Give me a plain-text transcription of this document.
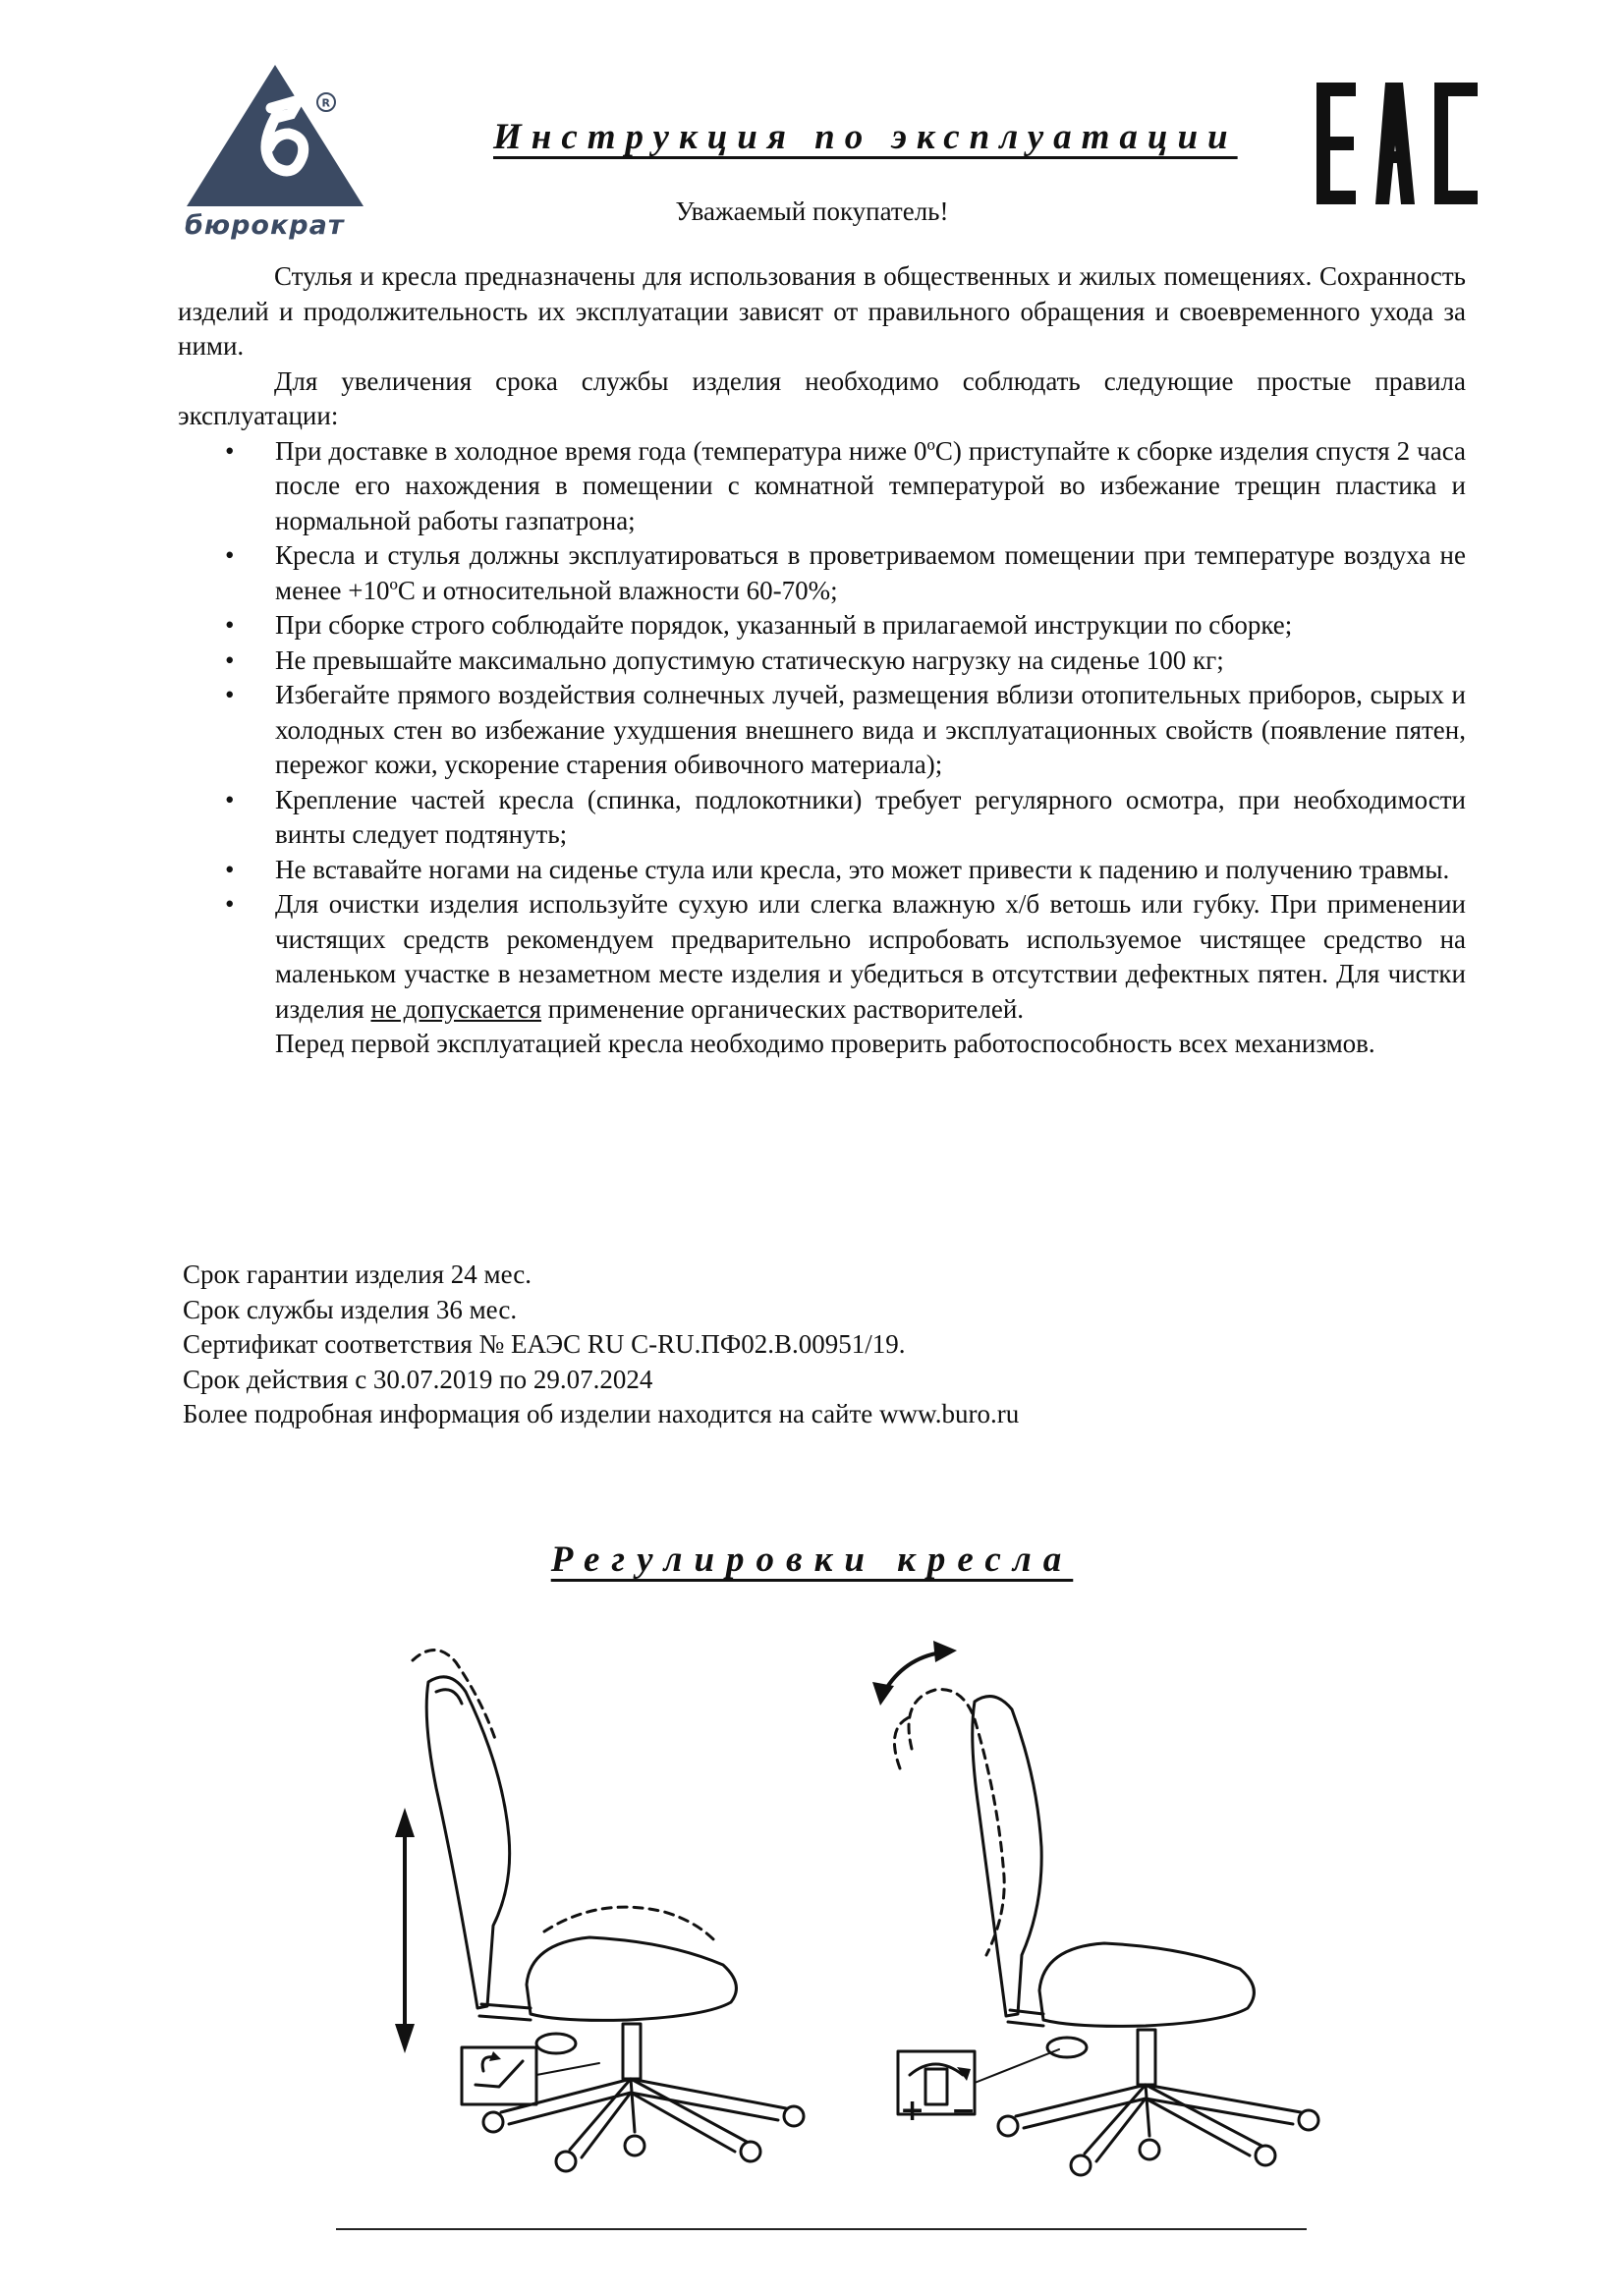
R
бюрократ
Инструкция по эксплуатации
Уважаемый покупатель!

Стулья и кресла предназначены для использования в общественных и жилых помещениях. Сохранность изделий и продолжительность их эксплуатации зависят от правильного обращения и своевременного ухода за ними.

Для увеличения срока службы изделия необходимо соблюдать следующие простые правила эксплуатации:

• При доставке в холодное время года (температура ниже 0ºС) приступайте к сборке изделия спустя 2 часа после его нахождения в помещении с комнатной температурой во избежание трещин пластика и нормальной работы газпатрона;
• Кресла и стулья должны эксплуатироваться в проветриваемом помещении при температуре воздуха не менее +10ºС и относительной влажности 60-70%;
• При сборке строго соблюдайте порядок, указанный в прилагаемой инструкции по сборке;
• Не превышайте максимально допустимую статическую нагрузку на сиденье 100 кг;
• Избегайте прямого воздействия солнечных лучей, размещения вблизи отопительных приборов, сырых и холодных стен во избежание ухудшения внешнего вида и эксплуатационных свойств (появление пятен, пережог кожи, ускорение старения обивочного материала);
• Крепление частей кресла (спинка, подлокотники) требует регулярного осмотра, при необходимости винты следует подтянуть;
• Не вставайте ногами на сиденье стула или кресла, это может привести к падению и получению травмы.
• Для очистки изделия используйте сухую или слегка влажную х/б ветошь или губку. При применении чистящих средств рекомендуем предварительно испробовать используемое чистящее средство на маленьком участке в незаметном месте изделия и убедиться в отсутствии дефектных пятен. Для чистки изделия не допускается применение органических растворителей.

Перед первой эксплуатацией кресла необходимо проверить работоспособность всех механизмов.

Срок гарантии изделия 24 мес.
Срок службы изделия 36 мес.
Сертификат соответствия № ЕАЭС RU C-RU.ПФ02.В.00951/19.
Срок действия с 30.07.2019 по 29.07.2024
Более подробная информация об изделии находится на сайте www.buro.ru
Регулировки кресла
+ −
